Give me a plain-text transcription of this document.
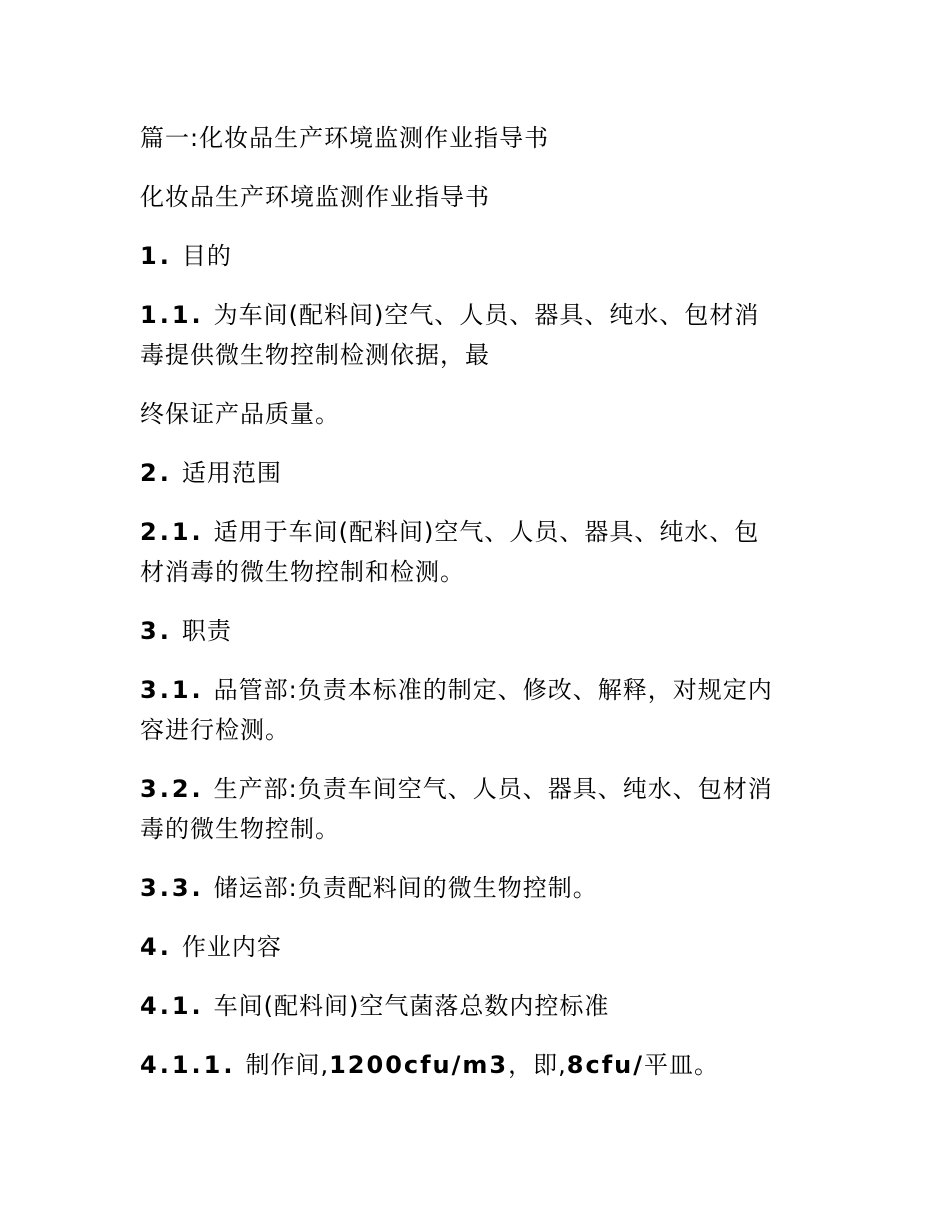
篇一:化妆品生产环境监测作业指导书

化妆品生产环境监测作业指导书

1. 目的

1.1. 为车间(配料间)空气、人员、器具、纯水、包材消

毒提供微生物控制检测依据，最

终保证产品质量。

2. 适用范围

2.1. 适用于车间(配料间)空气、人员、器具、纯水、包

材消毒的微生物控制和检测。

3. 职责

3.1. 品管部:负责本标准的制定、修改、解释，对规定内

容进行检测。

3.2. 生产部:负责车间空气、人员、器具、纯水、包材消

毒的微生物控制。

3.3. 储运部:负责配料间的微生物控制。

4. 作业内容

4.1. 车间(配料间)空气菌落总数内控标准

4.1.1. 制作间,1200cfu/m3，即,8cfu/平皿。
